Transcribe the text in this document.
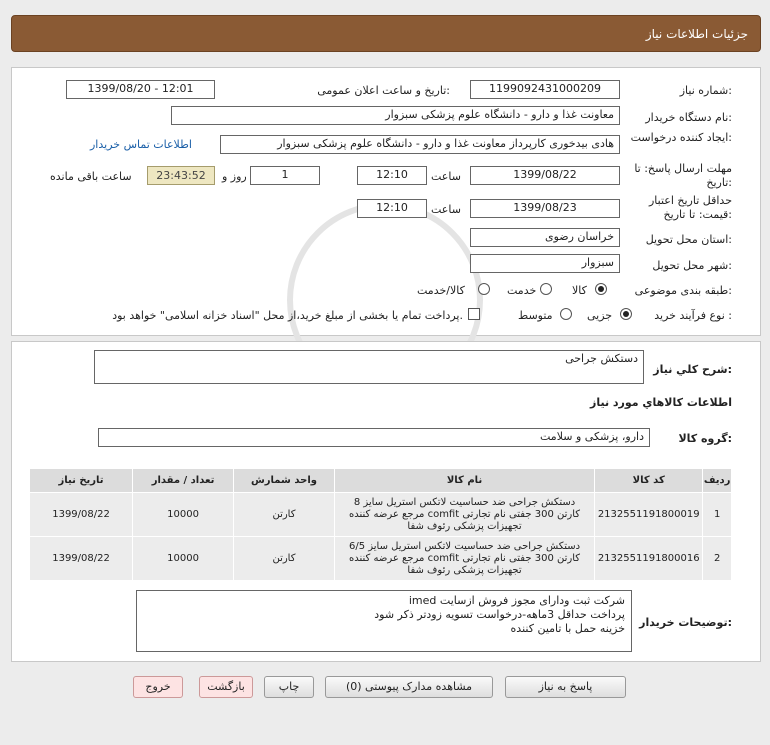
جزئیات اطلاعات نیاز
شماره نیاز:
1199092431000209
تاریخ و ساعت اعلان عمومی:
1399/08/20 - 12:01
نام دستگاه خریدار:
معاونت غذا و دارو - دانشگاه علوم پزشکی سبزوار
ایجاد کننده درخواست:
هادی بیدخوری کارپرداز معاونت غذا و دارو - دانشگاه علوم پزشکی سبزوار
اطلاعات تماس خریدار
مهلت ارسال پاسخ: تا تاریخ:
1399/08/22
ساعت
12:10
1
روز و
23:43:52
ساعت باقی مانده
حداقل تاریخ اعتبار قیمت: تا تاریخ:
1399/08/23
ساعت
12:10
استان محل تحویل:
خراسان رضوی
شهر محل تحویل:
سبزوار
طبقه بندی موضوعی:
کالا
خدمت
کالا/خدمت
نوع فرآیند خرید :
جزیی
متوسط
پرداخت تمام یا بخشی از مبلغ خرید،از محل "اسناد خزانه اسلامی" خواهد بود.
شرح کلي نياز:
دستکش جراحی
اطلاعات کالاهاي مورد نياز
گروه کالا:
دارو، پزشکی و سلامت
ردیف	کد کالا	نام کالا	واحد شمارش	تعداد / مقدار	تاریخ نیاز
1	2132551191800019	دستکش جراحی ضد حساسیت لاتکس استریل سایز 8
کارتن 300 جفتی نام تجارتی comfit مرجع عرضه کننده
تجهیزات پزشکی رئوف شفا	کارتن	10000	1399/08/22
2	2132551191800016	دستکش جراحی ضد حساسیت لاتکس استریل سایز 6/5
کارتن 300 جفتی نام تجارتی comfit مرجع عرضه کننده
تجهیزات پزشکی رئوف شفا	کارتن	10000	1399/08/22
توضیحات خریدار:
شرکت ثبت ودارای مجوز فروش ازسایت imed
پرداخت حداقل 3ماهه-درخواست تسویه زودتر ذکر شود
خزینه حمل با تامین کننده
پاسخ به نیاز
مشاهده مدارک پیوستی (0)
چاپ
بازگشت
خروج
